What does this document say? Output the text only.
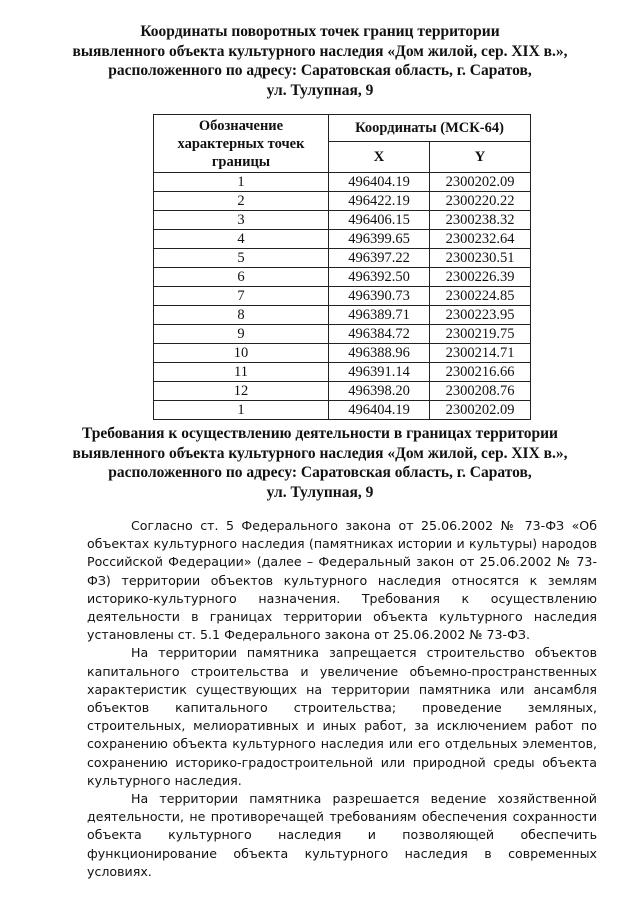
Координаты поворотных точек границ территории
выявленного объекта культурного наследия «Дом жилой, сер. XIX в.»,
расположенного по адресу: Саратовская область, г. Саратов,
ул. Тулупная, 9
Обозначение характерных точек границы	Координаты (МСК-64)	
	X	Y
1	496404.19	2300202.09
2	496422.19	2300220.22
3	496406.15	2300238.32
4	496399.65	2300232.64
5	496397.22	2300230.51
6	496392.50	2300226.39
7	496390.73	2300224.85
8	496389.71	2300223.95
9	496384.72	2300219.75
10	496388.96	2300214.71
11	496391.14	2300216.66
12	496398.20	2300208.76
1	496404.19	2300202.09
Требования к осуществлению деятельности в границах территории
выявленного объекта культурного наследия «Дом жилой, сер. XIX в.»,
расположенного по адресу: Саратовская область, г. Саратов,
ул. Тулупная, 9

Согласно ст. 5 Федерального закона от 25.06.2002 № 73-ФЗ «Об объектах культурного наследия (памятниках истории и культуры) народов Российской Федерации» (далее – Федеральный закон от 25.06.2002 № 73-ФЗ) территории объектов культурного наследия относятся к землям историко-культурного назначения. Требования к осуществлению деятельности в границах территории объекта культурного наследия установлены ст. 5.1 Федерального закона от 25.06.2002 № 73-ФЗ.

На территории памятника запрещается строительство объектов капитального строительства и увеличение объемно-пространственных характеристик существующих на территории памятника или ансамбля объектов капитального строительства; проведение земляных, строительных, мелиоративных и иных работ, за исключением работ по сохранению объекта культурного наследия или его отдельных элементов, сохранению историко-градостроительной или природной среды объекта культурного наследия.

На территории памятника разрешается ведение хозяйственной деятельности, не противоречащей требованиям обеспечения сохранности объекта культурного наследия и позволяющей обеспечить функционирование объекта культурного наследия в современных условиях.
